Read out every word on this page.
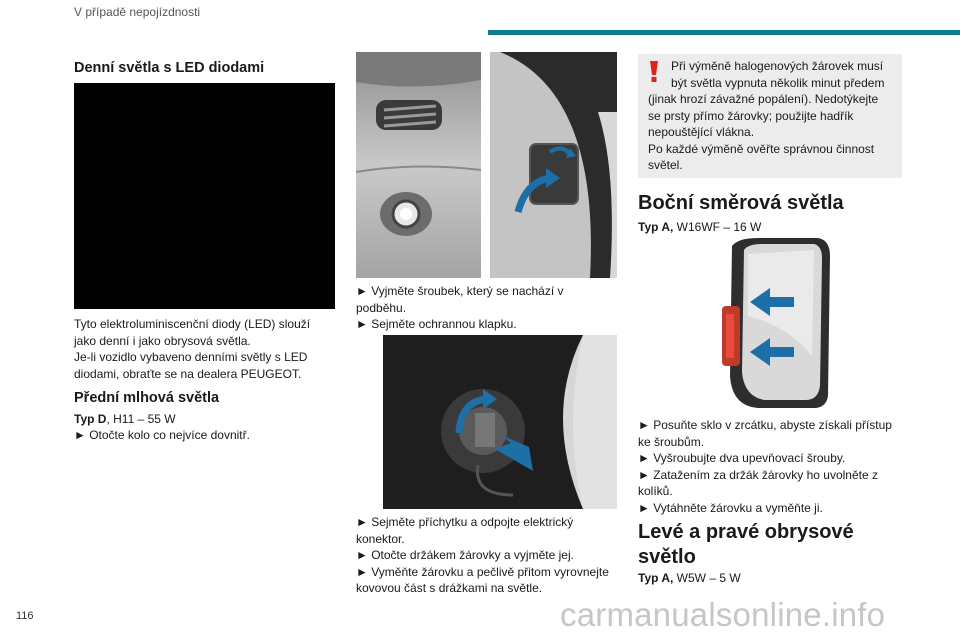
V případě nepojízdnosti
Denní světla s LED diodami

Tyto elektroluminiscenční diody (LED) slouží

jako denní i jako obrysová světla.

Je-li vozidlo vybaveno denními světly s LED

diodami, obraťte se na dealera PEUGEOT.

Přední mlhová světla
Typ D, H11 – 55 W

► Otočte kolo co nejvíce dovnitř.

► Vyjměte šroubek, který se nachází v

podběhu.

► Sejměte ochrannou klapku.

► Sejměte příchytku a odpojte elektrický

konektor.

► Otočte držákem žárovky a vyjměte jej.

► Vyměňte žárovku a pečlivě přitom vyrovnejte

kovovou část s drážkami na světle.

Při výměně halogenových žárovek musí

být světla vypnuta několik minut předem

(jinak hrozí závažné popálení). Nedotýkejte

se prsty přímo žárovky; použijte hadřík

nepouštějící vlákna.

Po každé výměně ověřte správnou činnost

světel.

Boční směrová světla
Typ A, W16WF – 16 W

► Posuňte sklo v zrcátku, abyste získali přístup

ke šroubům.

► Vyšroubujte dva upevňovací šrouby.

► Zatažením za držák žárovky ho uvolněte z

kolíků.

► Vytáhněte žárovku a vyměňte ji.

Levé a pravé obrysové
světlo
Typ A, W5W – 5 W
116	carmanualsonline.info
